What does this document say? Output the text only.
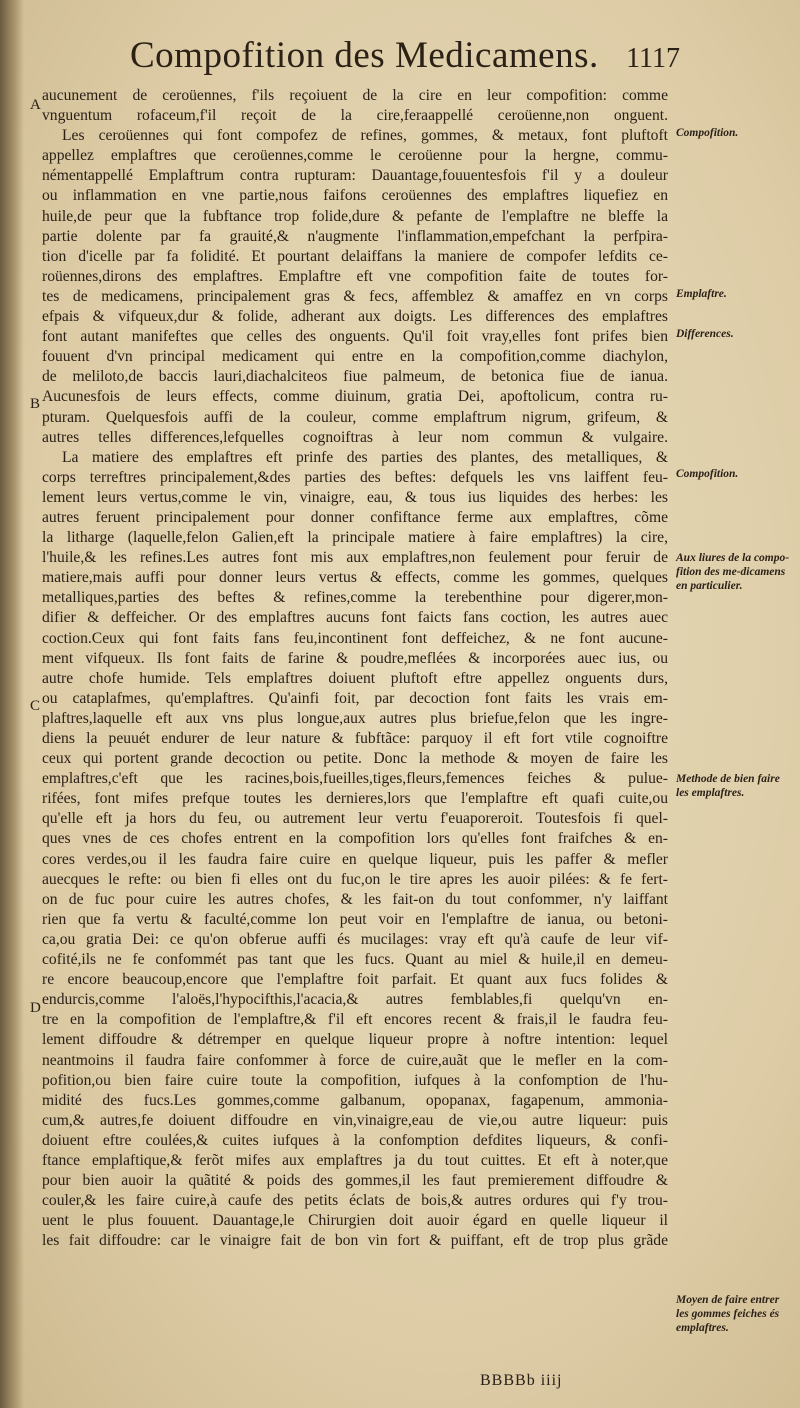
Compofition des Medicamens. 1117
aucunement de ceroüennes, f'ils reçoiuent de la cire en leur compofition: comme
vnguentum rofaceum,f'il reçoit de la cire,feraappellé ceroüenne,non onguent.
Les ceroüennes qui font compofez de refines, gommes, & metaux, font pluftoft
appellez emplaftres que ceroüennes,comme le ceroüenne pour la hergne, commu-
némentappellé Emplaftrum contra rupturam: Dauantage,fouuentesfois f'il y a douleur
ou inflammation en vne partie,nous faifons ceroüennes des emplaftres liquefiez en
huile,de peur que la fubftance trop folide,dure & pefante de l'emplaftre ne bleffe la
partie dolente par fa grauité,& n'augmente l'inflammation,empefchant la perfpira-
tion d'icelle par fa folidité. Et pourtant delaiffans la maniere de compofer lefdits ce-
roüennes,dirons des emplaftres. Emplaftre eft vne compofition faite de toutes for-
tes de medicamens, principalement gras & fecs, affemblez & amaffez en vn corps
efpais & vifqueux,dur & folide, adherant aux doigts. Les differences des emplaftres
font autant manifeftes que celles des onguents. Qu'il foit vray,elles font prifes bien
fouuent d'vn principal medicament qui entre en la compofition,comme diachylon,
de meliloto,de baccis lauri,diachalciteos fiue palmeum, de betonica fiue de ianua.
Aucunesfois de leurs effects, comme diuinum, gratia Dei, apoftolicum, contra ru-
pturam. Quelquesfois auffi de la couleur, comme emplaftrum nigrum, grifeum, &
autres telles differences,lefquelles cognoiftras à leur nom commun & vulgaire.
La matiere des emplaftres eft prinfe des parties des plantes, des metalliques, &
corps terreftres principalement,&des parties des beftes: defquels les vns laiffent feu-
lement leurs vertus,comme le vin, vinaigre, eau, & tous ius liquides des herbes: les
autres feruent principalement pour donner confiftance ferme aux emplaftres, cõme
la litharge (laquelle,felon Galien,eft la principale matiere à faire emplaftres) la cire,
l'huile,& les refines.Les autres font mis aux emplaftres,non feulement pour feruir de
matiere,mais auffi pour donner leurs vertus & effects, comme les gommes, quelques
metalliques,parties des beftes & refines,comme la terebenthine pour digerer,mon-
difier & deffeicher. Or des emplaftres aucuns font faicts fans coction, les autres auec
coction.Ceux qui font faits fans feu,incontinent font deffeichez, & ne font aucune-
ment vifqueux. Ils font faits de farine & poudre,meflées & incorporées auec ius, ou
autre chofe humide. Tels emplaftres doiuent pluftoft eftre appellez onguents durs,
ou cataplafmes, qu'emplaftres. Qu'ainfi foit, par decoction font faits les vrais em-
plaftres,laquelle eft aux vns plus longue,aux autres plus briefue,felon que les ingre-
diens la peuuét endurer de leur nature & fubftãce: parquoy il eft fort vtile cognoiftre
ceux qui portent grande decoction ou petite. Donc la methode & moyen de faire les
emplaftres,c'eft que les racines,bois,fueilles,tiges,fleurs,femences feiches & pulue-
rifées, font mifes prefque toutes les dernieres,lors que l'emplaftre eft quafi cuite,ou
qu'elle eft ja hors du feu, ou autrement leur vertu f'euaporeroit. Toutesfois fi quel-
ques vnes de ces chofes entrent en la compofition lors qu'elles font fraifches & en-
cores verdes,ou il les faudra faire cuire en quelque liqueur, puis les paffer & mefler
auecques le refte: ou bien fi elles ont du fuc,on le tire apres les auoir pilées: & fe fert-
on de fuc pour cuire les autres chofes, & les fait-on du tout confommer, n'y laiffant
rien que fa vertu & faculté,comme lon peut voir en l'emplaftre de ianua, ou betoni-
ca,ou gratia Dei: ce qu'on obferue auffi és mucilages: vray eft qu'à caufe de leur vif-
cofité,ils ne fe confommét pas tant que les fucs. Quant au miel & huile,il en demeu-
re encore beaucoup,encore que l'emplaftre foit parfait. Et quant aux fucs folides &
endurcis,comme l'aloës,l'hypocifthis,l'acacia,& autres femblables,fi quelqu'vn en-
tre en la compofition de l'emplaftre,& f'il eft encores recent & frais,il le faudra feu-
lement diffoudre & détremper en quelque liqueur propre à noftre intention: lequel
neantmoins il faudra faire confommer à force de cuire,auãt que le mefler en la com-
pofition,ou bien faire cuire toute la compofition, iufques à la confomption de l'hu-
midité des fucs.Les gommes,comme galbanum, opopanax, fagapenum, ammonia-
cum,& autres,fe doiuent diffoudre en vin,vinaigre,eau de vie,ou autre liqueur: puis
doiuent eftre coulées,& cuites iufques à la confomption defdites liqueurs, & confi-
ftance emplaftique,& ferõt mifes aux emplaftres ja du tout cuittes. Et eft à noter,que
pour bien auoir la quãtité & poids des gommes,il les faut premierement diffoudre &
couler,& les faire cuire,à caufe des petits éclats de bois,& autres ordures qui f'y trou-
uent le plus fouuent. Dauantage,le Chirurgien doit auoir égard en quelle liqueur il
les fait diffoudre: car le vinaigre fait de bon vin fort & puiffant, eft de trop plus grãde
A
B
C
D
Compofition.
Emplaftre.
Differences.
Compofition.
Aux liures de la compo-fition des me-dicamens en particulier.
Methode de bien faire les emplaftres.
Moyen de faire entrer les gommes feiches és emplaftres.
BBBBb iiij
